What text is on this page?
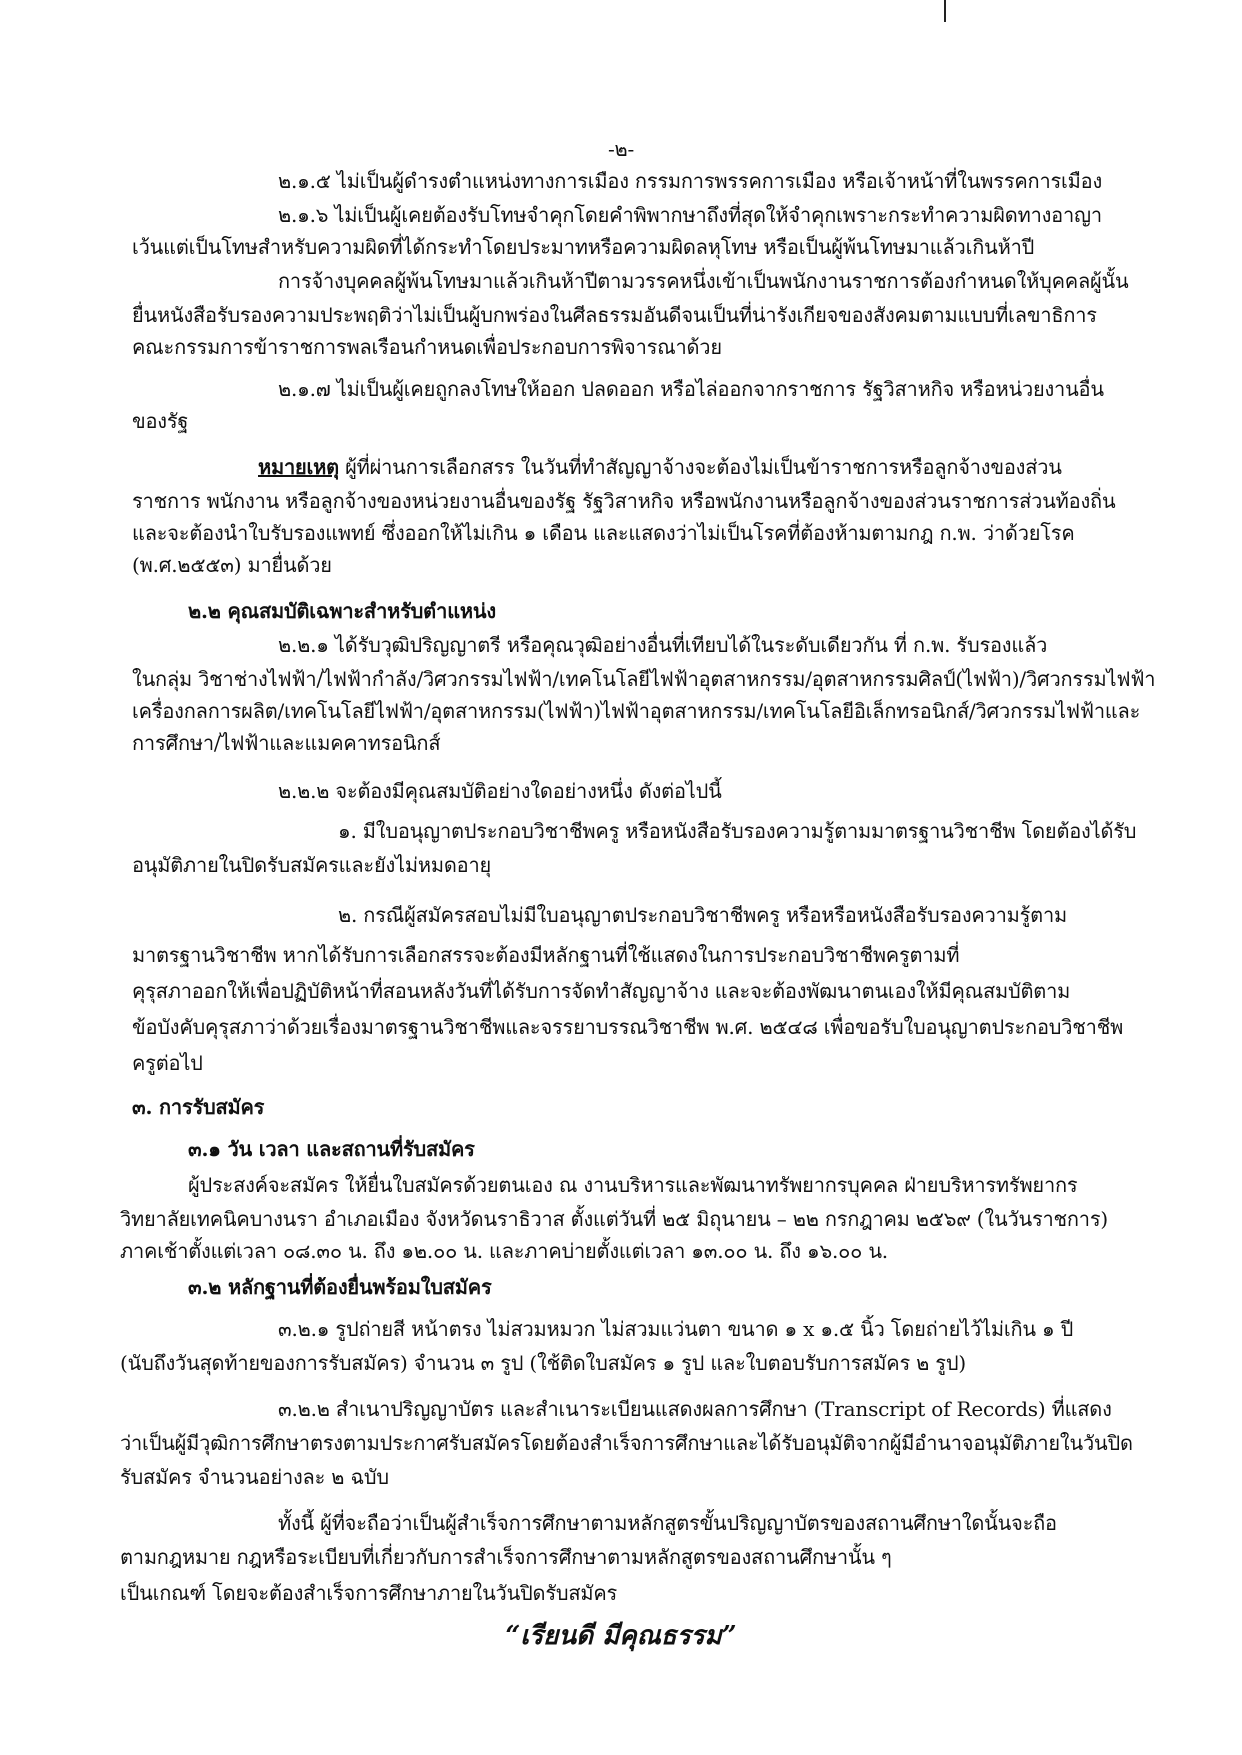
-๒-
๒.๑.๕ ไม่เป็นผู้ดำรงตำแหน่งทางการเมือง กรรมการพรรคการเมือง หรือเจ้าหน้าที่ในพรรคการเมือง
๒.๑.๖ ไม่เป็นผู้เคยต้องรับโทษจำคุกโดยคำพิพากษาถึงที่สุดให้จำคุกเพราะกระทำความผิดทางอาญา
เว้นแต่เป็นโทษสำหรับความผิดที่ได้กระทำโดยประมาทหรือความผิดลหุโทษ หรือเป็นผู้พ้นโทษมาแล้วเกินห้าปี
การจ้างบุคคลผู้พ้นโทษมาแล้วเกินห้าปีตามวรรคหนึ่งเข้าเป็นพนักงานราชการต้องกำหนดให้บุคคลผู้นั้น
ยื่นหนังสือรับรองความประพฤติว่าไม่เป็นผู้บกพร่องในศีลธรรมอันดีจนเป็นที่น่ารังเกียจของสังคมตามแบบที่เลขาธิการ
คณะกรรมการข้าราชการพลเรือนกำหนดเพื่อประกอบการพิจารณาด้วย
๒.๑.๗ ไม่เป็นผู้เคยถูกลงโทษให้ออก ปลดออก หรือไล่ออกจากราชการ รัฐวิสาหกิจ หรือหน่วยงานอื่น
ของรัฐ
หมายเหตุ ผู้ที่ผ่านการเลือกสรร ในวันที่ทำสัญญาจ้างจะต้องไม่เป็นข้าราชการหรือลูกจ้างของส่วน
ราชการ พนักงาน หรือลูกจ้างของหน่วยงานอื่นของรัฐ รัฐวิสาหกิจ หรือพนักงานหรือลูกจ้างของส่วนราชการส่วนท้องถิ่น
และจะต้องนำใบรับรองแพทย์ ซึ่งออกให้ไม่เกิน ๑ เดือน และแสดงว่าไม่เป็นโรคที่ต้องห้ามตามกฎ ก.พ. ว่าด้วยโรค
(พ.ศ.๒๕๕๓) มายื่นด้วย
๒.๒ คุณสมบัติเฉพาะสำหรับตำแหน่ง
๒.๒.๑ ได้รับวุฒิปริญญาตรี หรือคุณวุฒิอย่างอื่นที่เทียบได้ในระดับเดียวกัน ที่ ก.พ. รับรองแล้ว
ในกลุ่ม วิชาช่างไฟฟ้า/ไฟฟ้ากำลัง/วิศวกรรมไฟฟ้า/เทคโนโลยีไฟฟ้าอุตสาหกรรม/อุตสาหกรรมศิลป์(ไฟฟ้า)/วิศวกรรมไฟฟ้า
เครื่องกลการผลิต/เทคโนโลยีไฟฟ้า/อุตสาหกรรม(ไฟฟ้า)ไฟฟ้าอุตสาหกรรม/เทคโนโลยีอิเล็กทรอนิกส์/วิศวกรรมไฟฟ้าและ
การศึกษา/ไฟฟ้าและแมคคาทรอนิกส์
๒.๒.๒ จะต้องมีคุณสมบัติอย่างใดอย่างหนึ่ง ดังต่อไปนี้
๑. มีใบอนุญาตประกอบวิชาชีพครู หรือหนังสือรับรองความรู้ตามมาตรฐานวิชาชีพ โดยต้องได้รับ
อนุมัติภายในปิดรับสมัครและยังไม่หมดอายุ
๒. กรณีผู้สมัครสอบไม่มีใบอนุญาตประกอบวิชาชีพครู หรือหรือหนังสือรับรองความรู้ตาม
มาตรฐานวิชาชีพ หากได้รับการเลือกสรรจะต้องมีหลักฐานที่ใช้แสดงในการประกอบวิชาชีพครูตามที่
คุรุสภาออกให้เพื่อปฏิบัติหน้าที่สอนหลังวันที่ได้รับการจัดทำสัญญาจ้าง และจะต้องพัฒนาตนเองให้มีคุณสมบัติตาม
ข้อบังคับคุรุสภาว่าด้วยเรื่องมาตรฐานวิชาชีพและจรรยาบรรณวิชาชีพ พ.ศ. ๒๕๔๘ เพื่อขอรับใบอนุญาตประกอบวิชาชีพ
ครูต่อไป
๓. การรับสมัคร
๓.๑ วัน เวลา และสถานที่รับสมัคร
ผู้ประสงค์จะสมัคร ให้ยื่นใบสมัครด้วยตนเอง ณ งานบริหารและพัฒนาทรัพยากรบุคคล ฝ่ายบริหารทรัพยากร
วิทยาลัยเทคนิคบางนรา อำเภอเมือง จังหวัดนราธิวาส ตั้งแต่วันที่ ๒๕ มิถุนายน – ๒๒ กรกฎาคม ๒๕๖๙ (ในวันราชการ)
ภาคเช้าตั้งแต่เวลา ๐๘.๓๐ น. ถึง ๑๒.๐๐ น. และภาคบ่ายตั้งแต่เวลา ๑๓.๐๐ น. ถึง ๑๖.๐๐ น.
๓.๒ หลักฐานที่ต้องยื่นพร้อมใบสมัคร
๓.๒.๑ รูปถ่ายสี หน้าตรง ไม่สวมหมวก ไม่สวมแว่นตา ขนาด ๑ x ๑.๕ นิ้ว โดยถ่ายไว้ไม่เกิน ๑ ปี
(นับถึงวันสุดท้ายของการรับสมัคร) จำนวน ๓ รูป (ใช้ติดใบสมัคร ๑ รูป และใบตอบรับการสมัคร ๒ รูป)
๓.๒.๒ สำเนาปริญญาบัตร และสำเนาระเบียนแสดงผลการศึกษา (Transcript of Records) ที่แสดง
ว่าเป็นผู้มีวุฒิการศึกษาตรงตามประกาศรับสมัครโดยต้องสำเร็จการศึกษาและได้รับอนุมัติจากผู้มีอำนาจอนุมัติภายในวันปิด
รับสมัคร จำนวนอย่างละ ๒ ฉบับ
ทั้งนี้ ผู้ที่จะถือว่าเป็นผู้สำเร็จการศึกษาตามหลักสูตรขั้นปริญญาบัตรของสถานศึกษาใดนั้นจะถือ
ตามกฎหมาย กฎหรือระเบียบที่เกี่ยวกับการสำเร็จการศึกษาตามหลักสูตรของสถานศึกษานั้น ๆ
เป็นเกณฑ์ โดยจะต้องสำเร็จการศึกษาภายในวันปิดรับสมัคร
“เรียนดี มีคุณธรรม”
